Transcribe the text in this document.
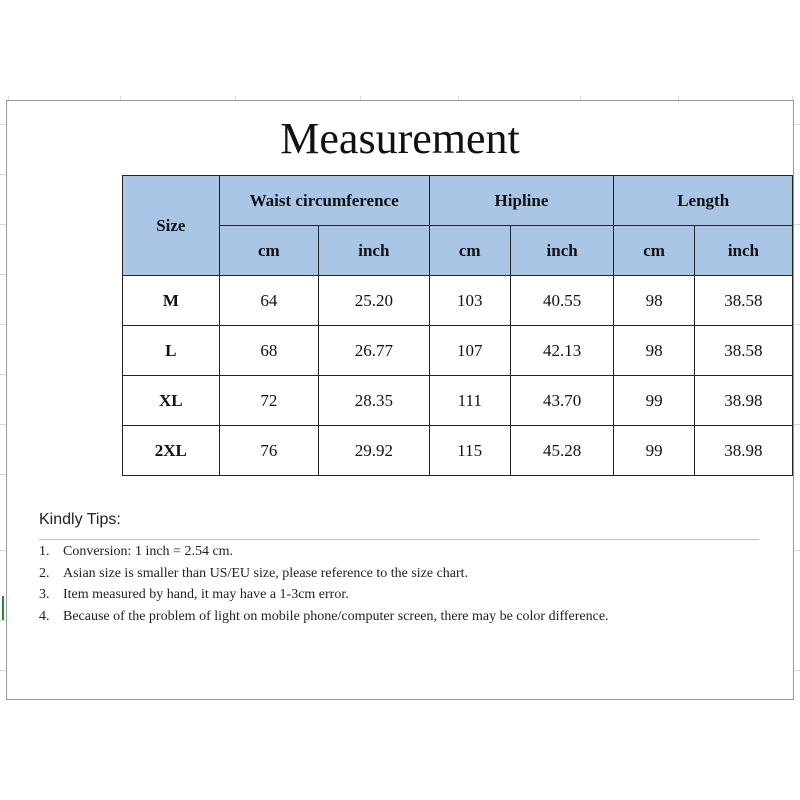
Measurement
Size	Waist circumference		Hipline		Length	
	cm	inch	cm	inch	cm	inch
M	64	25.20	103	40.55	98	38.58
L	68	26.77	107	42.13	98	38.58
XL	72	28.35	111	43.70	99	38.98
2XL	76	29.92	115	45.28	99	38.98
Kindly Tips:
1. Conversion: 1 inch = 2.54 cm.
2. Asian size is smaller than US/EU size, please reference to the size chart.
3. Item measured by hand, it may have a 1-3cm error.
4. Because of the problem of light on mobile phone/computer screen, there may be color difference.
